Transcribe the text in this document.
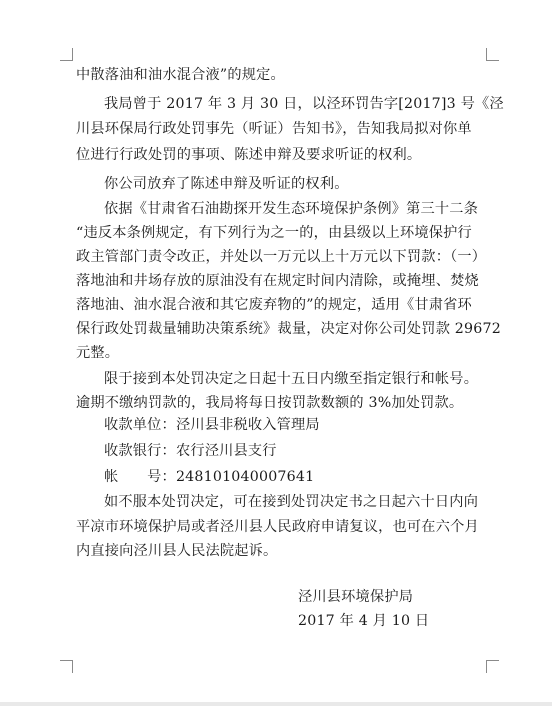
中散落油和油水混合液”的规定。
我局曾于 2017 年 3 月 30 日，以泾环罚告字[2017]3 号《泾
川县环保局行政处罚事先（听证）告知书》，告知我局拟对你单
位进行行政处罚的事项、陈述申辩及要求听证的权利。
你公司放弃了陈述申辩及听证的权利。
依据《甘肃省石油勘探开发生态环境保护条例》第三十二条
“违反本条例规定，有下列行为之一的，由县级以上环境保护行
政主管部门责令改正，并处以一万元以上十万元以下罚款：（一）
落地油和井场存放的原油没有在规定时间内清除，或掩埋、焚烧
落地油、油水混合液和其它废弃物的”的规定，适用《甘肃省环
保行政处罚裁量辅助决策系统》裁量，决定对你公司处罚款 29672
元整。
限于接到本处罚决定之日起十五日内缴至指定银行和帐号。
逾期不缴纳罚款的，我局将每日按罚款数额的 3%加处罚款。
收款单位：泾川县非税收入管理局
收款银行：农行泾川县支行
帐　　号：248101040007641
如不服本处罚决定，可在接到处罚决定书之日起六十日内向
平凉市环境保护局或者泾川县人民政府申请复议，也可在六个月
内直接向泾川县人民法院起诉。
泾川县环境保护局
2017 年 4 月 10 日
